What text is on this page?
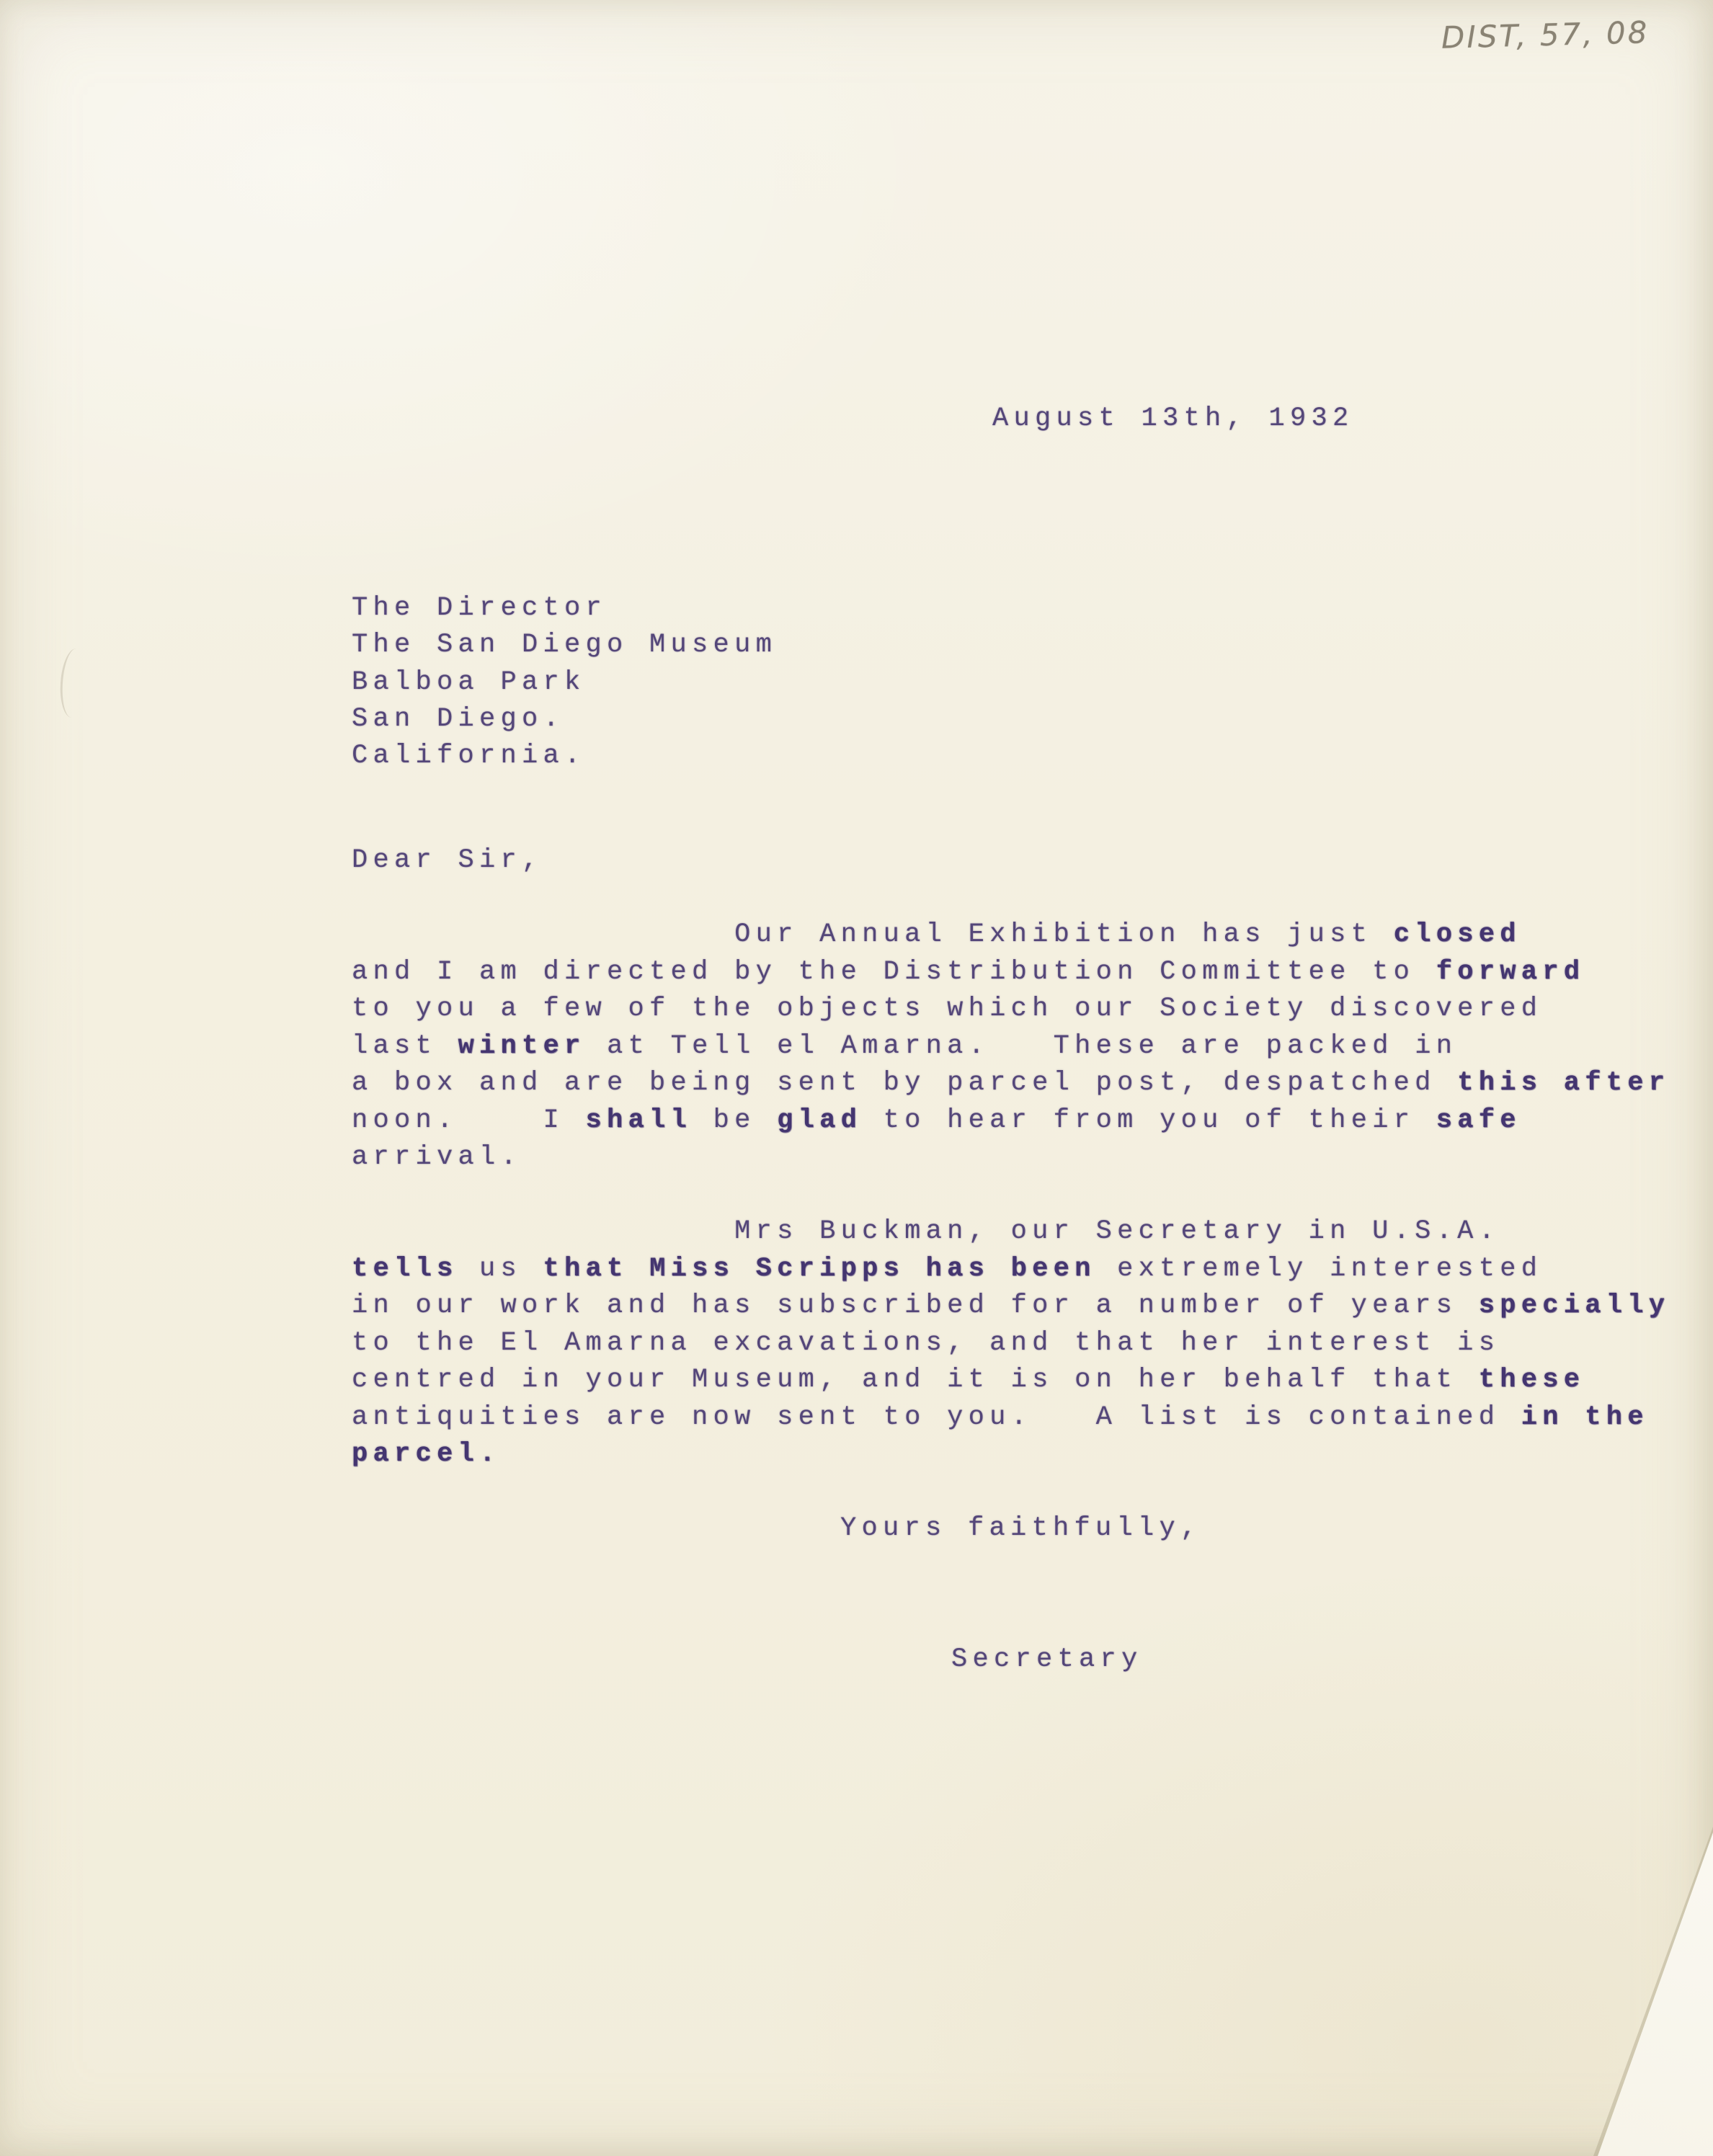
DIST, 57, 08
August 13th, 1932
The Director
The San Diego Museum
Balboa Park
San Diego.
California.
Dear Sir,

Our Annual Exhibition has just closed
and I am directed by the Distribution Committee to forward
to you a few of the objects which our Society discovered
last winter at Tell el Amarna.   These are packed in
a box and are being sent by parcel post, despatched this after
noon.    I shall be glad to hear from you of their safe
arrival.

Mrs Buckman, our Secretary in U.S.A.
tells us that Miss Scripps has been extremely interested
in our work and has subscribed for a number of years specially
to the El Amarna excavations, and that her interest is
centred in your Museum, and it is on her behalf that these
antiquities are now sent to you.   A list is contained in the
parcel.
Yours faithfully,
Secretary
